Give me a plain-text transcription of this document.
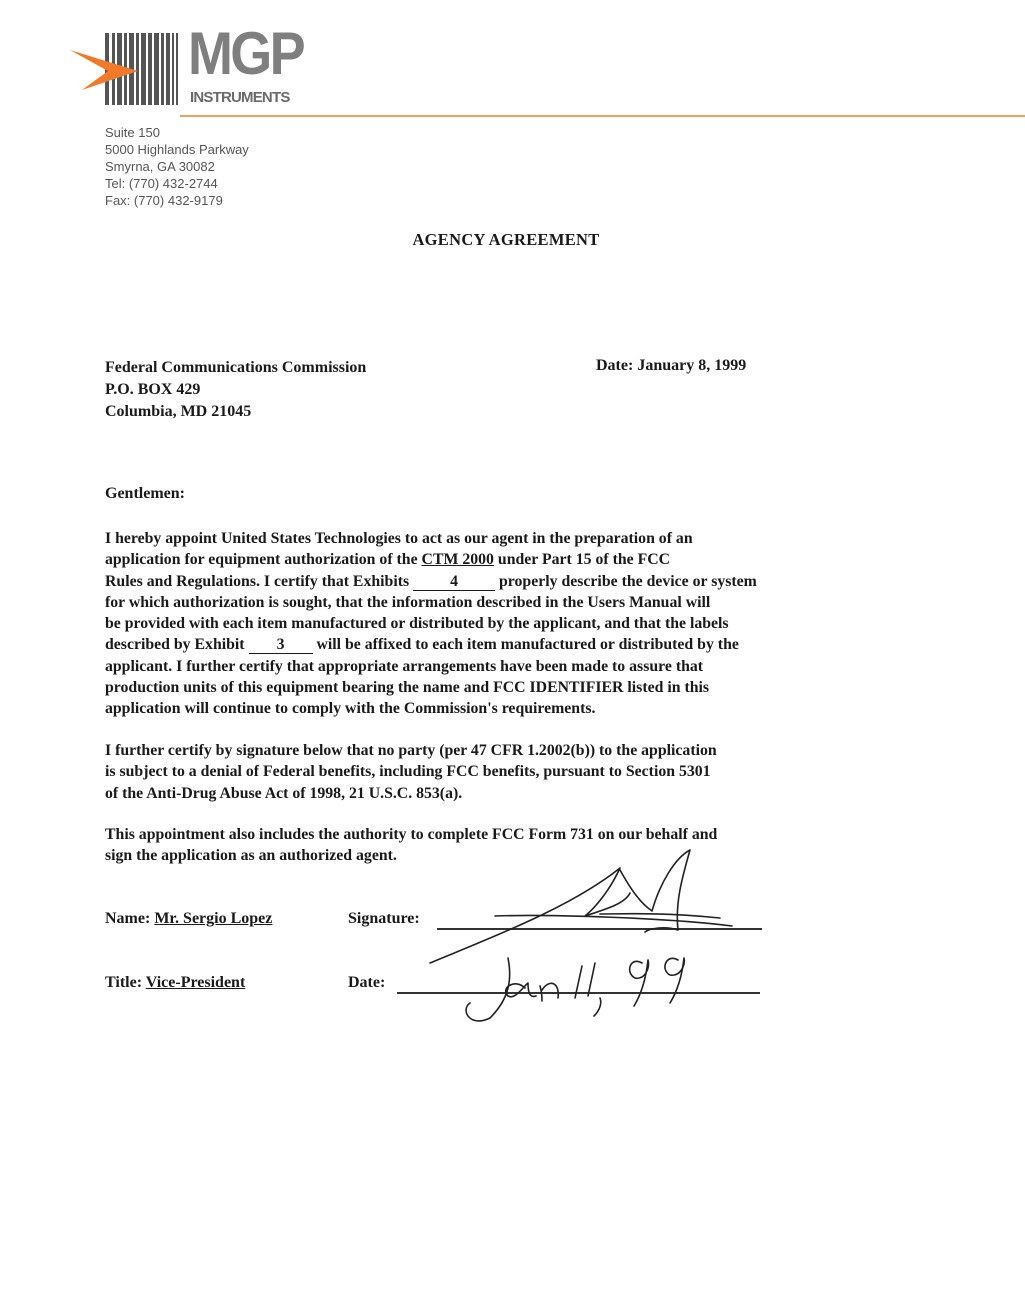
MGP
INSTRUMENTS
Suite 150
5000 Highlands Parkway
Smyrna, GA 30082
Tel: (770) 432-2744
Fax: (770) 432-9179
AGENCY AGREEMENT
Federal Communications Commission
P.O. BOX 429
Columbia, MD 21045
Date: January 8, 1999
Gentlemen:
I hereby appoint United States Technologies to act as our agent in the preparation of an
application for equipment authorization of the CTM 2000 under Part 15 of the FCC
Rules and Regulations. I certify that Exhibits 4 properly describe the device or system
for which authorization is sought, that the information described in the Users Manual will
be provided with each item manufactured or distributed by the applicant, and that the labels
described by Exhibit 3 will be affixed to each item manufactured or distributed by the
applicant. I further certify that appropriate arrangements have been made to assure that
production units of this equipment bearing the name and FCC IDENTIFIER listed in this
application will continue to comply with the Commission's requirements.
I further certify by signature below that no party (per 47 CFR 1.2002(b)) to the application
is subject to a denial of Federal benefits, including FCC benefits, pursuant to Section 5301
of the Anti-Drug Abuse Act of 1998, 21 U.S.C. 853(a).
This appointment also includes the authority to complete FCC Form 731 on our behalf and
sign the application as an authorized agent.
Name: Mr. Sergio Lopez
Title: Vice-President
Signature:
Date:
